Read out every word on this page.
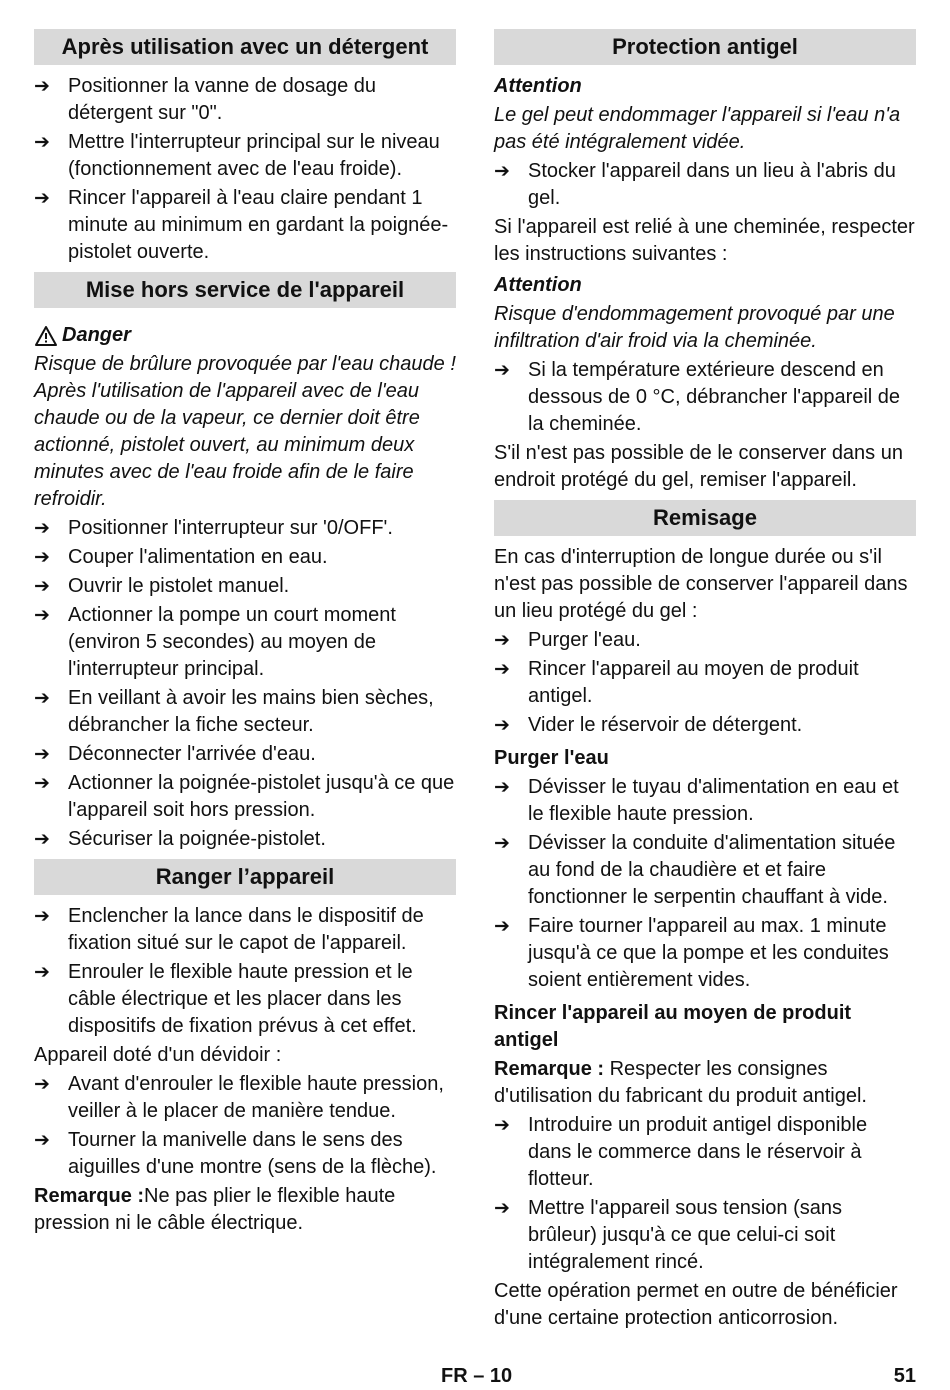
Après utilisation avec un détergent
➔ Positionner la vanne de dosage du détergent sur "0".
➔ Mettre l'interrupteur principal sur le niveau (fonctionnement avec de l'eau froide).
➔ Rincer l'appareil à l'eau claire pendant 1 minute au minimum en gardant la poignée-pistolet ouverte.
Mise hors service de l'appareil
Danger
Risque de brûlure provoquée par l'eau chaude ! Après l'utilisation de l'appareil avec de l'eau chaude ou de la vapeur, ce dernier doit être actionné, pistolet ouvert, au minimum deux minutes avec de l'eau froide afin de le faire refroidir.
➔ Positionner l'interrupteur sur '0/OFF'.
➔ Couper l'alimentation en eau.
➔ Ouvrir le pistolet manuel.
➔ Actionner la pompe un court moment (environ 5 secondes) au moyen de l'interrupteur principal.
➔ En veillant à avoir les mains bien sèches, débrancher la fiche secteur.
➔ Déconnecter l'arrivée d'eau.
➔ Actionner la poignée-pistolet jusqu'à ce que l'appareil soit hors pression.
➔ Sécuriser la poignée-pistolet.
Ranger l’appareil
➔ Enclencher la lance dans le dispositif de fixation situé sur le capot de l'appareil.
➔ Enrouler le flexible haute pression et le câble électrique et les placer dans les dispositifs de fixation prévus à cet effet.
Appareil doté d'un dévidoir :
➔ Avant d'enrouler le flexible haute pression, veiller à le placer de manière tendue.
➔ Tourner la manivelle dans le sens des aiguilles d'une montre (sens de la flèche).
Remarque :Ne pas plier le flexible haute pression ni le câble électrique.
Protection antigel
Attention
Le gel peut endommager l'appareil si l'eau n'a pas été intégralement vidée.
➔ Stocker l'appareil dans un lieu à l'abris du gel.
Si l'appareil est relié à une cheminée, respecter les instructions suivantes :
Attention
Risque d'endommagement provoqué par une infiltration d'air froid via la cheminée.
➔ Si la température extérieure descend en dessous de 0 °C, débrancher l'appareil de la cheminée.
S'il n'est pas possible de le conserver dans un endroit protégé du gel, remiser l'appareil.
Remisage
En cas d'interruption de longue durée ou s'il n'est pas possible de conserver l'appareil dans un lieu protégé du gel :
➔ Purger l'eau.
➔ Rincer l'appareil au moyen de produit antigel.
➔ Vider le réservoir de détergent.
Purger l'eau
➔ Dévisser le tuyau d'alimentation en eau et le flexible haute pression.
➔ Dévisser la conduite d'alimentation située au fond de la chaudière et et faire fonctionner le serpentin chauffant à vide.
➔ Faire tourner l'appareil au max. 1 minute jusqu'à ce que la pompe et les conduites soient entièrement vides.
Rincer l'appareil au moyen de produit antigel
Remarque : Respecter les consignes d'utilisation du fabricant du produit antigel.
➔ Introduire un produit antigel disponible dans le commerce dans le réservoir à flotteur.
➔ Mettre l'appareil sous tension (sans brûleur) jusqu'à ce que celui-ci soit intégralement rincé.
Cette opération permet en outre de bénéficier d'une certaine protection anticorrosion.
FR – 10	51
